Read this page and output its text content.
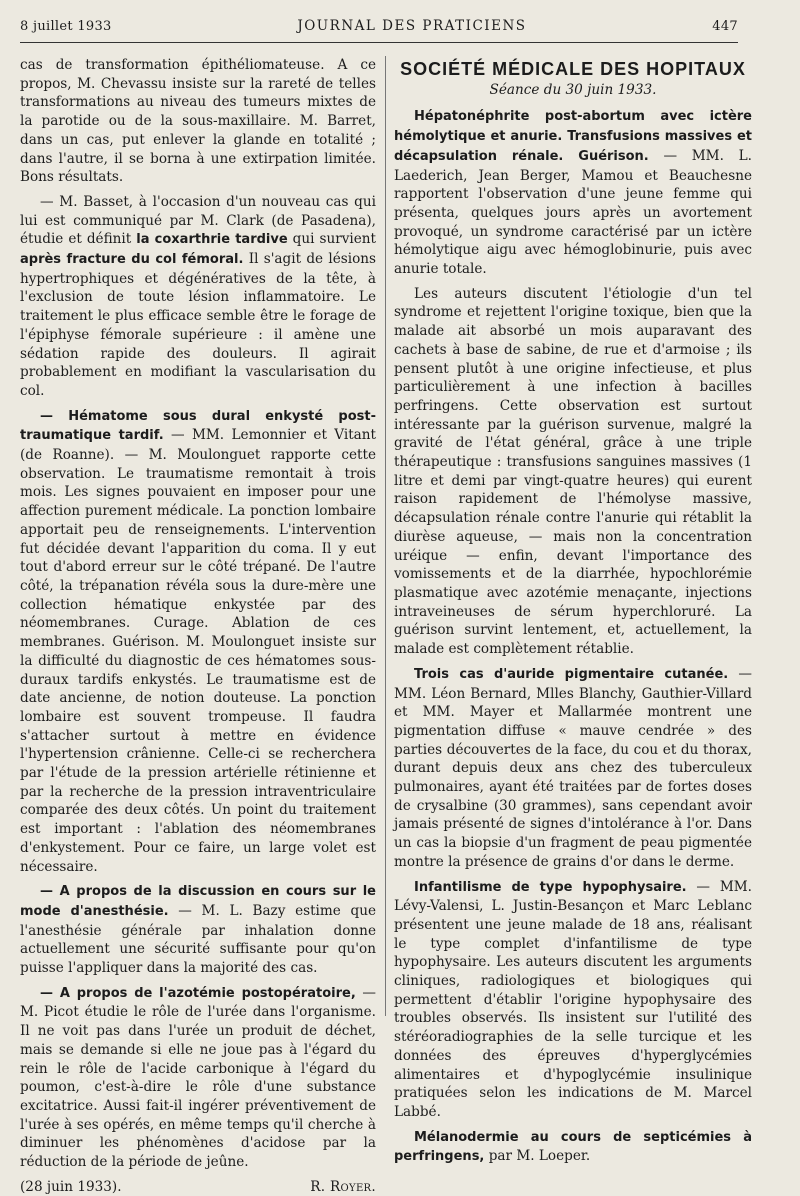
8 juillet 1933	JOURNAL DES PRATICIENS	447

cas de transformation épithéliomateuse. A ce propos, M. Chevassu insiste sur la rareté de telles transformations au niveau des tumeurs mixtes de la parotide ou de la sous-maxillaire. M. Barret, dans un cas, put enlever la glande en totalité ; dans l'autre, il se borna à une extirpation limitée. Bons résultats.

— M. Basset, à l'occasion d'un nouveau cas qui lui est communiqué par M. Clark (de Pasadena), étudie et définit la coxarthrie tardive qui survient après fracture du col fémoral. Il s'agit de lésions hypertrophiques et dégénératives de la tête, à l'exclusion de toute lésion inflammatoire. Le traitement le plus efficace semble être le forage de l'épiphyse fémorale supérieure : il amène une sédation rapide des douleurs. Il agirait probablement en modifiant la vascularisation du col.

— Hématome sous dural enkysté post-traumatique tardif. — MM. Lemonnier et Vitant (de Roanne). — M. Moulonguet rapporte cette observation. Le traumatisme remontait à trois mois. Les signes pouvaient en imposer pour une affection purement médicale. La ponction lombaire apportait peu de renseignements. L'intervention fut décidée devant l'apparition du coma. Il y eut tout d'abord erreur sur le côté trépané. De l'autre côté, la trépanation révéla sous la dure-mère une collection hématique enkystée par des néomembranes. Curage. Ablation de ces membranes. Guérison. M. Moulonguet insiste sur la difficulté du diagnostic de ces hématomes sous-duraux tardifs enkystés. Le traumatisme est de date ancienne, de notion douteuse. La ponction lombaire est souvent trompeuse. Il faudra s'attacher surtout à mettre en évidence l'hypertension crânienne. Celle-ci se recherchera par l'étude de la pression artérielle rétinienne et par la recherche de la pression intraventriculaire comparée des deux côtés. Un point du traitement est important : l'ablation des néomembranes d'enkystement. Pour ce faire, un large volet est nécessaire.

— A propos de la discussion en cours sur le mode d'anesthésie. — M. L. Bazy estime que l'anesthésie générale par inhalation donne actuellement une sécurité suffisante pour qu'on puisse l'appliquer dans la majorité des cas.

— A propos de l'azotémie postopératoire, — M. Picot étudie le rôle de l'urée dans l'organisme. Il ne voit pas dans l'urée un produit de déchet, mais se demande si elle ne joue pas à l'égard du rein le rôle de l'acide carbonique à l'égard du poumon, c'est-à-dire le rôle d'une substance excitatrice. Aussi fait-il ingérer préventivement de l'urée à ses opérés, en même temps qu'il cherche à diminuer les phénomènes d'acidose par la réduction de la période de jeûne.

(28 juin 1933).	R. Royer.
SOCIÉTÉ MÉDICALE DES HOPITAUX
Séance du 30 juin 1933.

Hépatonéphrite post-abortum avec ictère hémolytique et anurie. Transfusions massives et décapsulation rénale. Guérison. — MM. L. Laederich, Jean Berger, Mamou et Beauchesne rapportent l'observation d'une jeune femme qui présenta, quelques jours après un avortement provoqué, un syndrome caractérisé par un ictère hémolytique aigu avec hémoglobinurie, puis avec anurie totale.

Les auteurs discutent l'étiologie d'un tel syndrome et rejettent l'origine toxique, bien que la malade ait absorbé un mois auparavant des cachets à base de sabine, de rue et d'armoise ; ils pensent plutôt à une origine infectieuse, et plus particulièrement à une infection à bacilles perfringens. Cette observation est surtout intéressante par la guérison survenue, malgré la gravité de l'état général, grâce à une triple thérapeutique : transfusions sanguines massives (1 litre et demi par vingt-quatre heures) qui eurent raison rapidement de l'hémolyse massive, décapsulation rénale contre l'anurie qui rétablit la diurèse aqueuse, — mais non la concentration uréique — enfin, devant l'importance des vomissements et de la diarrhée, hypochlorémie plasmatique avec azotémie menaçante, injections intraveineuses de sérum hyperchloruré. La guérison survint lentement, et, actuellement, la malade est complètement rétablie.

Trois cas d'auride pigmentaire cutanée. — MM. Léon Bernard, Mlles Blanchy, Gauthier-Villard et MM. Mayer et Mallarmée montrent une pigmentation diffuse « mauve cendrée » des parties découvertes de la face, du cou et du thorax, durant depuis deux ans chez des tuberculeux pulmonaires, ayant été traitées par de fortes doses de crysalbine (30 grammes), sans cependant avoir jamais présenté de signes d'intolérance à l'or. Dans un cas la biopsie d'un fragment de peau pigmentée montre la présence de grains d'or dans le derme.

Infantilisme de type hypophysaire. — MM. Lévy-Valensi, L. Justin-Besançon et Marc Leblanc présentent une jeune malade de 18 ans, réalisant le type complet d'infantilisme de type hypophysaire. Les auteurs discutent les arguments cliniques, radiologiques et biologiques qui permettent d'établir l'origine hypophysaire des troubles observés. Ils insistent sur l'utilité des stéréoradiographies de la selle turcique et les données des épreuves d'hyperglycémies alimentaires et d'hypoglycémie insulinique pratiquées selon les indications de M. Marcel Labbé.

Mélanodermie au cours de septicémies à perfringens, par M. Loeper.
